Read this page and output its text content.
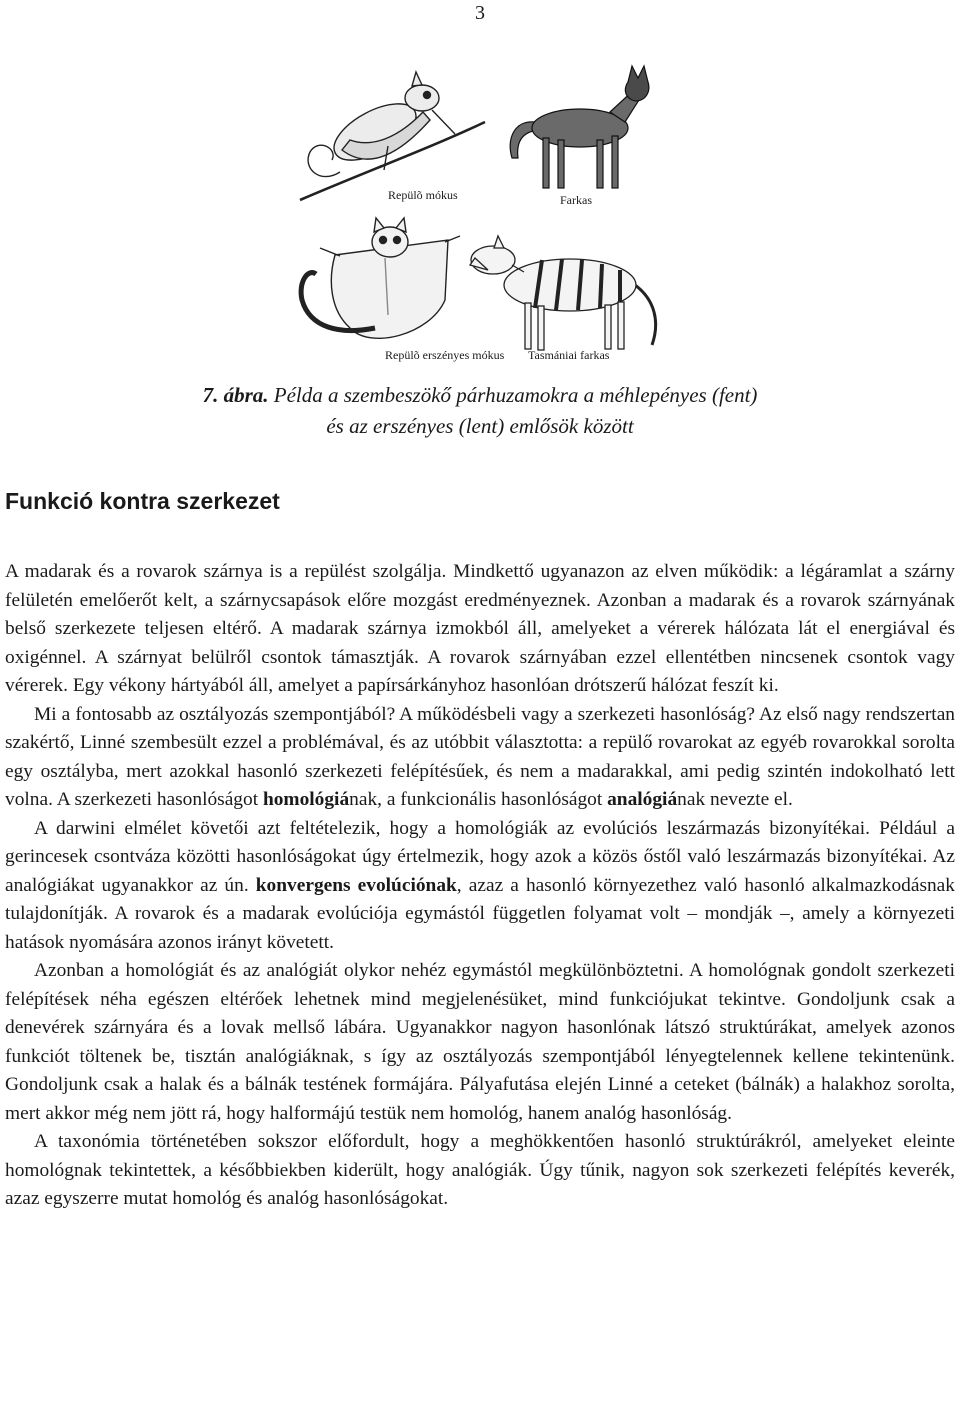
3
Repülõ mókus	Farkas
Repülõ erszényes mókus Tasmániai farkas
7. ábra. Példa a szembeszökő párhuzamokra a méhlepényes (fent)
és az erszényes (lent) emlősök között
Funkció kontra szerkezet

A madarak és a rovarok szárnya is a repülést szolgálja. Mindkettő ugyanazon az elven működik: a légáramlat a szárny felületén emelőerőt kelt, a szárnycsapások előre mozgást eredményeznek. Azonban a madarak és a rovarok szárnyának belső szerkezete teljesen eltérő. A madarak szárnya izmokból áll, amelyeket a vérerek hálózata lát el energiával és oxigénnel. A szárnyat belülről csontok támasztják. A rovarok szárnyában ezzel ellentétben nincsenek csontok vagy vérerek. Egy vékony hártyából áll, amelyet a papírsárkányhoz hasonlóan drótszerű hálózat feszít ki.

Mi a fontosabb az osztályozás szempontjából? A működésbeli vagy a szerkezeti hasonlóság? Az első nagy rendszertan szakértő, Linné szembesült ezzel a problémával, és az utóbbit választotta: a repülő rovarokat az egyéb rovarokkal sorolta egy osztályba, mert azokkal hasonló szerkezeti felépítésűek, és nem a madarakkal, ami pedig szintén indokolható lett volna. A szerkezeti hasonlóságot homológiának, a funkcionális hasonlóságot analógiának nevezte el.

A darwini elmélet követői azt feltételezik, hogy a homológiák az evolúciós leszármazás bizonyítékai. Például a gerincesek csontváza közötti hasonlóságokat úgy értelmezik, hogy azok a közös őstől való leszármazás bizonyítékai. Az analógiákat ugyanakkor az ún. konvergens evolúciónak, azaz a hasonló környezethez való hasonló alkalmazkodásnak tulajdonítják. A rovarok és a madarak evolúciója egymástól független folyamat volt – mondják –, amely a környezeti hatások nyomására azonos irányt követett.

Azonban a homológiát és az analógiát olykor nehéz egymástól megkülönböztetni. A homológnak gondolt szerkezeti felépítések néha egészen eltérőek lehetnek mind megjelenésüket, mind funkciójukat tekintve. Gondoljunk csak a denevérek szárnyára és a lovak mellső lábára. Ugyanakkor nagyon hasonlónak látszó struktúrákat, amelyek azonos funkciót töltenek be, tisztán analógiáknak, s így az osztályozás szempontjából lényegtelennek kellene tekintenünk. Gondoljunk csak a halak és a bálnák testének formájára. Pályafutása elején Linné a ceteket (bálnák) a halakhoz sorolta, mert akkor még nem jött rá, hogy halformájú testük nem homológ, hanem analóg hasonlóság.

A taxonómia történetében sokszor előfordult, hogy a meghökkentően hasonló struktúrákról, amelyeket eleinte homológnak tekintettek, a későbbiekben kiderült, hogy analógiák. Úgy tűnik, nagyon sok szerkezeti felépítés keverék, azaz egyszerre mutat homológ és analóg hasonlóságokat.
